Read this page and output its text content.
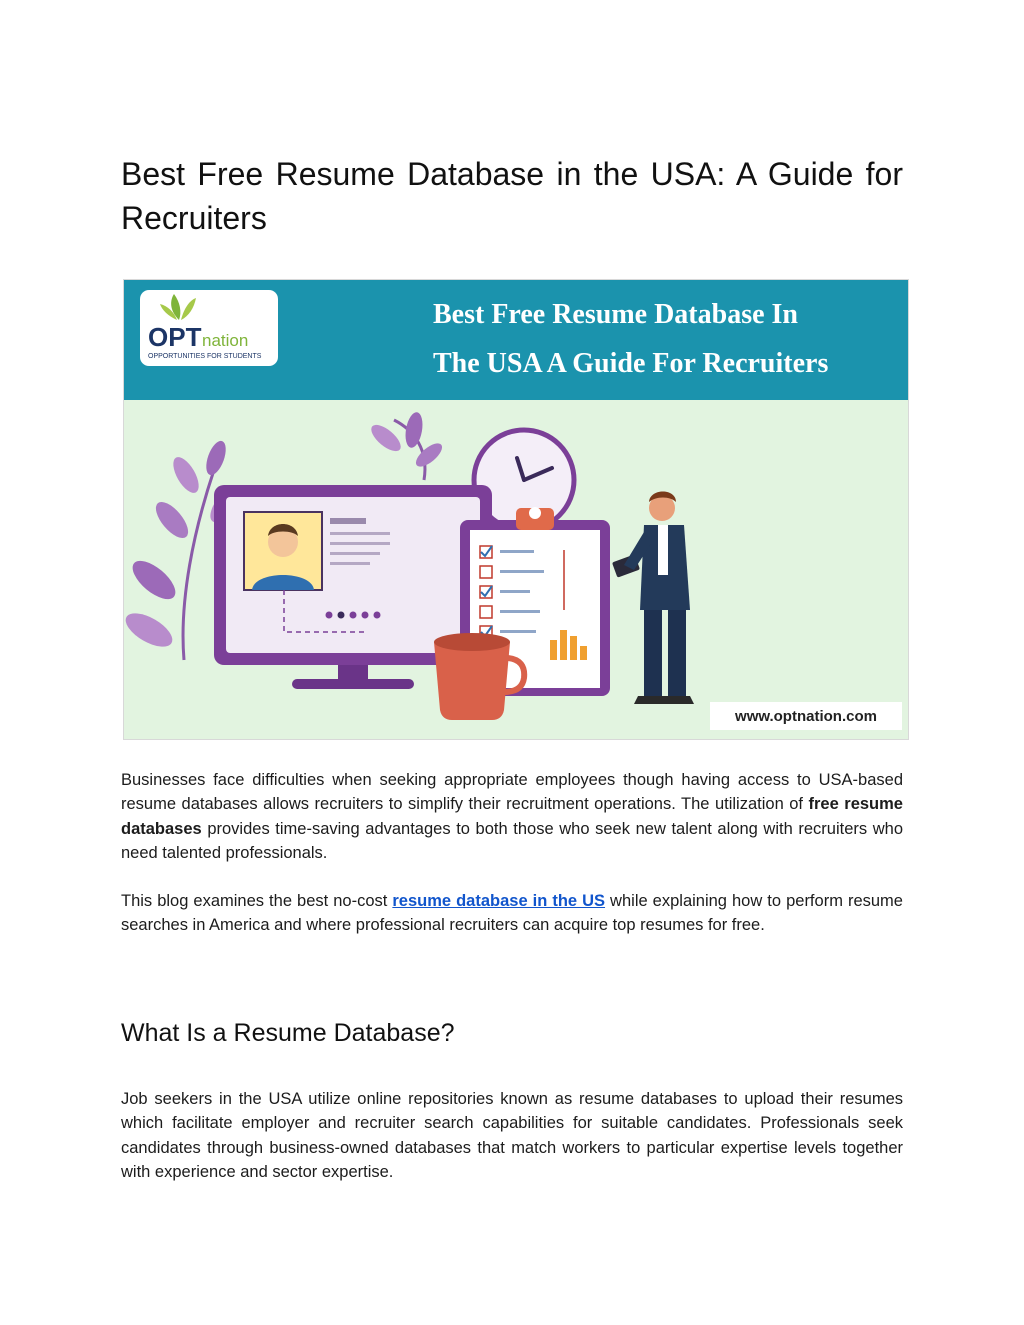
Best Free Resume Database in the USA: A Guide for Recruiters
OPT nation
OPPORTUNITIES FOR STUDENTS
Best Free Resume Database In
The USA A Guide For Recruiters
www.optnation.com

Businesses face difficulties when seeking appropriate employees though having access to USA-based resume databases allows recruiters to simplify their recruitment operations. The utilization of free resume databases provides time-saving advantages to both those who seek new talent along with recruiters who need talented professionals.

This blog examines the best no-cost resume database in the US while explaining how to perform resume searches in America and where professional recruiters can acquire top resumes for free.

What Is a Resume Database?

Job seekers in the USA utilize online repositories known as resume databases to upload their resumes which facilitate employer and recruiter search capabilities for suitable candidates. Professionals seek candidates through business-owned databases that match workers to particular expertise levels together with experience and sector expertise.
